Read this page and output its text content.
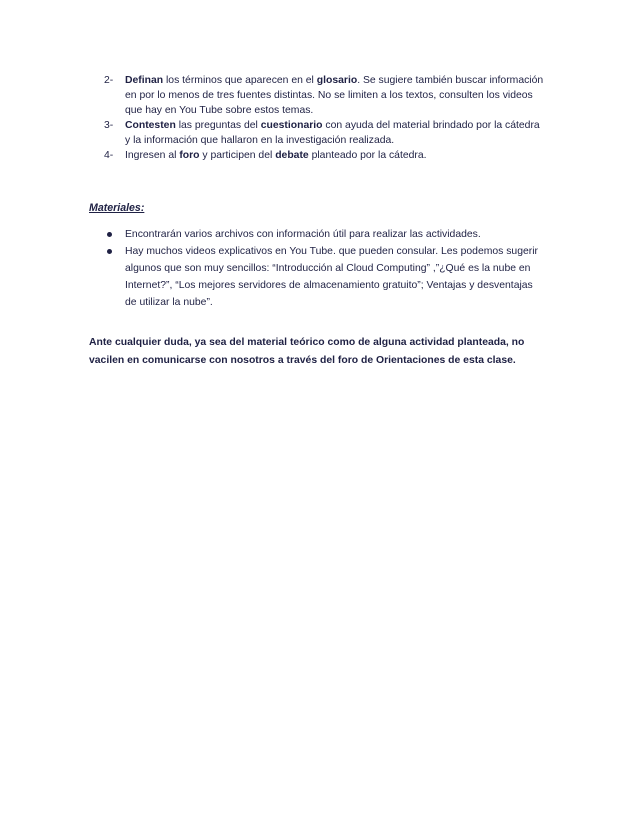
2- Definan los términos que aparecen en el glosario. Se sugiere también buscar información en por lo menos de tres fuentes distintas. No se limiten a los textos, consulten los videos que hay en You Tube sobre estos temas.
3- Contesten las preguntas del cuestionario con ayuda del material brindado por la cátedra y la información que hallaron en la investigación realizada.
4- Ingresen al foro y participen del debate planteado por la cátedra.
Materiales:
Encontrarán varios archivos con información útil para realizar las actividades.
Hay muchos videos explicativos en You Tube. que pueden consular. Les podemos sugerir algunos que son muy sencillos: “Introducción al Cloud Computing” ,”¿Qué es la nube en Internet?”, “Los mejores servidores de almacenamiento gratuito”; Ventajas y desventajas de utilizar la nube”.

Ante cualquier duda, ya sea del material teórico como de alguna actividad planteada, no vacilen en comunicarse con nosotros a través del foro de Orientaciones de esta clase.
